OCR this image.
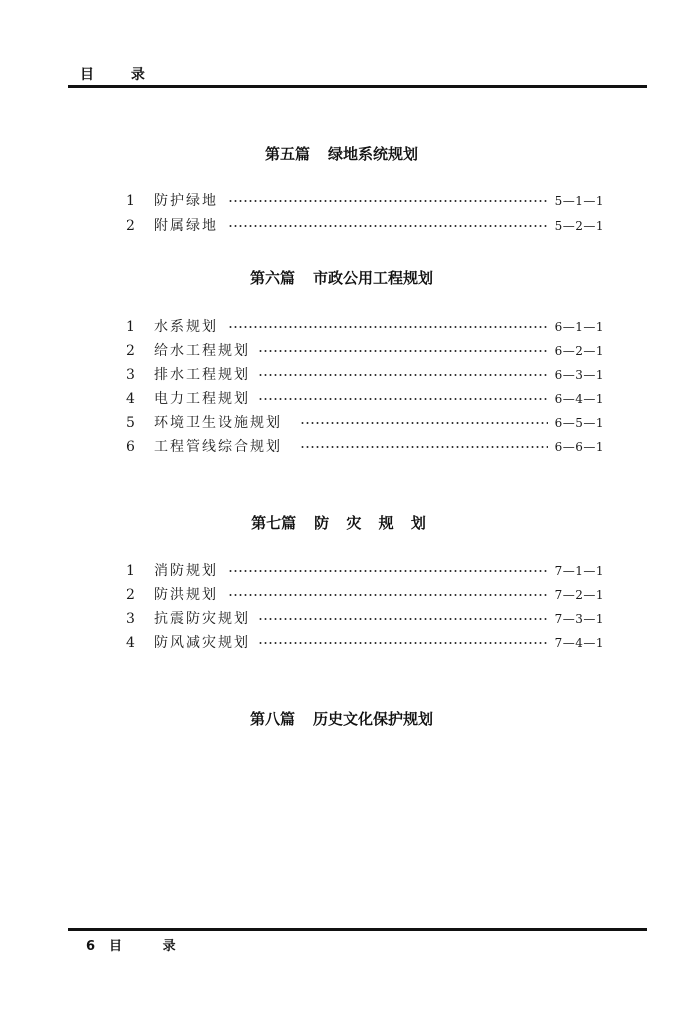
目 录
第五篇 绿地系统规划
1	防护绿地	5—1—1
2	附属绿地	5—2—1
第六篇 市政公用工程规划
1	水系规划	6—1—1
2	给水工程规划	6—2—1
3	排水工程规划	6—3—1
4	电力工程规划	6—4—1
5	环境卫生设施规划	6—5—1
6	工程管线综合规划	6—6—1
第七篇 防 灾 规 划
1	消防规划	7—1—1
2	防洪规划	7—2—1
3	抗震防灾规划	7—3—1
4	防风减灾规划	7—4—1
第八篇 历史文化保护规划
6 目 录
